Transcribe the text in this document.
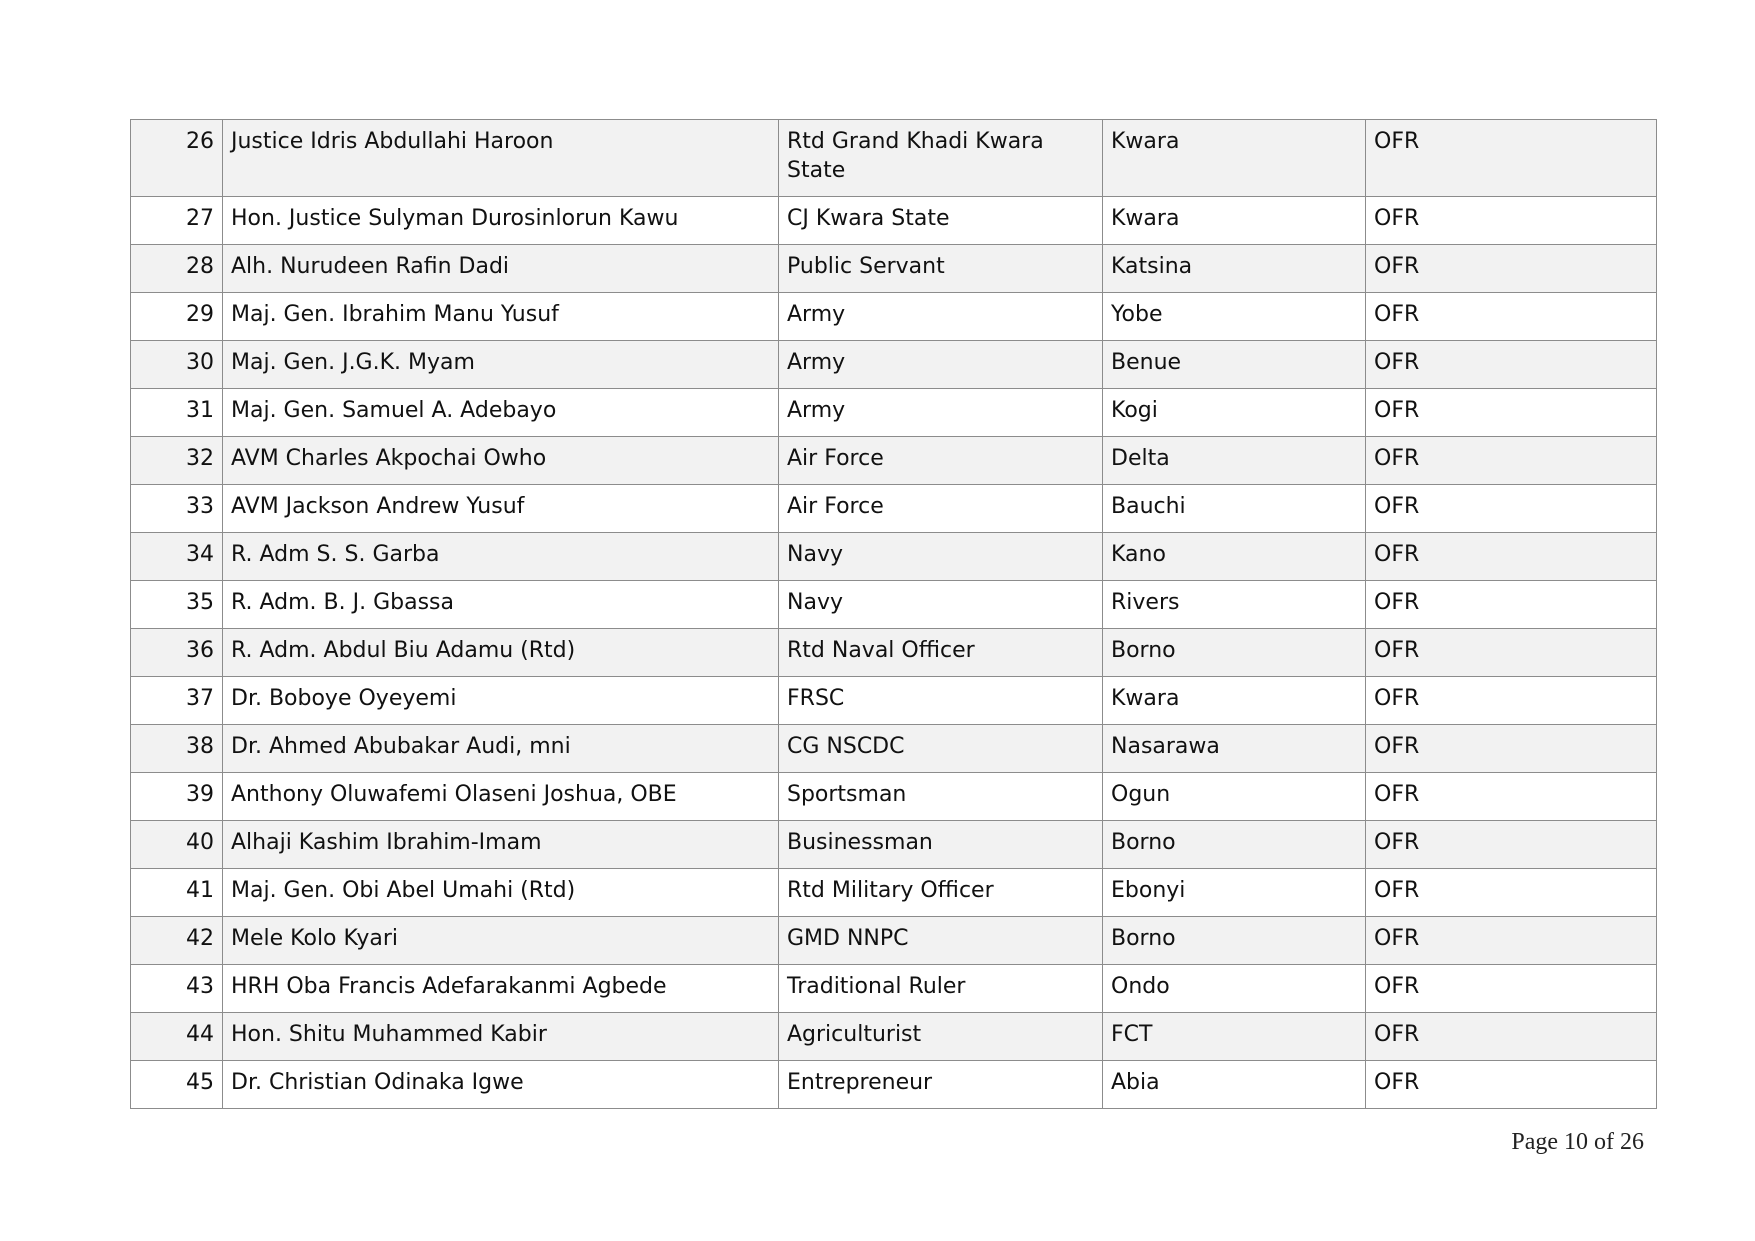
26	Justice Idris Abdullahi Haroon	Rtd Grand Khadi Kwara State	Kwara	OFR
27	Hon. Justice Sulyman Durosinlorun Kawu	CJ Kwara State	Kwara	OFR
28	Alh. Nurudeen Rafin Dadi	Public Servant	Katsina	OFR
29	Maj. Gen. Ibrahim Manu Yusuf	Army	Yobe	OFR
30	Maj. Gen. J.G.K. Myam	Army	Benue	OFR
31	Maj. Gen. Samuel A. Adebayo	Army	Kogi	OFR
32	AVM Charles Akpochai Owho	Air Force	Delta	OFR
33	AVM Jackson Andrew Yusuf	Air Force	Bauchi	OFR
34	R. Adm S. S. Garba	Navy	Kano	OFR
35	R. Adm. B. J. Gbassa	Navy	Rivers	OFR
36	R. Adm. Abdul Biu Adamu (Rtd)	Rtd Naval Officer	Borno	OFR
37	Dr. Boboye Oyeyemi	FRSC	Kwara	OFR
38	Dr. Ahmed Abubakar Audi, mni	CG NSCDC	Nasarawa	OFR
39	Anthony Oluwafemi Olaseni Joshua, OBE	Sportsman	Ogun	OFR
40	Alhaji Kashim Ibrahim-Imam	Businessman	Borno	OFR
41	Maj. Gen. Obi Abel Umahi (Rtd)	Rtd Military Officer	Ebonyi	OFR
42	Mele Kolo Kyari	GMD NNPC	Borno	OFR
43	HRH Oba Francis Adefarakanmi Agbede	Traditional Ruler	Ondo	OFR
44	Hon. Shitu Muhammed Kabir	Agriculturist	FCT	OFR
45	Dr. Christian Odinaka Igwe	Entrepreneur	Abia	OFR
Page 10 of 26
